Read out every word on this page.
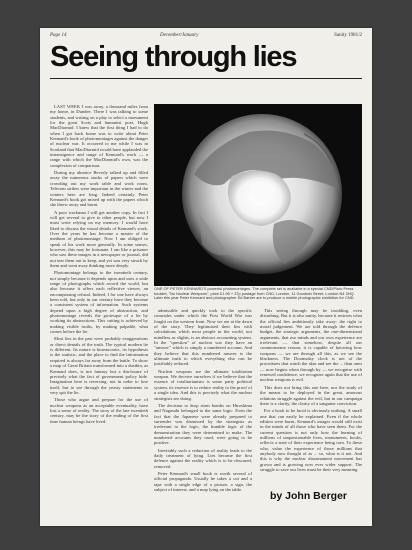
Page 14	December/January	Sanity 1981/2
Seeing through lies

LAST WEEK I was away, a thousand miles from my home, in Dundee. There I was talking to some students, and writing on a play to select a monument for the great Scots and humanist poet, Hugh MacDiarmid. I knew that the first thing I had to do when I got back home was to write about Peter Kennard's book of photomontages against the danger of nuclear war. It occurred to me while I was in Scotland that MacDiarmid would have applauded the intransigence and range of Kennard's work — a range with which the MacDiarmid's own, was the complexion of comparison.

During my absence Beverly talked up and filled away the numerous stacks of papers which were crowding out my work table and work room. Telecom strikes were important in the winter and the winters here are long. Indeed certainly Peter Kennard's book got mixed up with the papers which she threw away and burnt.

A poor workman I will get another copy. In fact I will get several to give to other people, but now I must write relying on my memory. I would have liked to discuss the visual details of Kennard's work. Over the years he has become a master of the medium of photomontage. Now I am obliged to speak of his work more generally. In some senses, however, this may be fortunate. I am like a prisoner who saw these images in a newspaper or journal, did not tear them out to keep, and yet was very struck by them and went away thinking more deeply.

Photomontage belongs to the twentieth century, not simply because it depends upon and uses a wide range of photographs which record the world, but also because it offers each reflective viewer, an encompassing refusal. Indeed, I for one have always been told, but only in our century have they become a consistent system of information. Such systems depend upon a high degree of abstraction, and photomontage reveals the grotesque of a lie by working its abstractions. This cutting is achieved by making visible truths, by making palpable, what comes before the lie.

Most lies in the past were probably exaggerations or direct denials of the truth. The typical modern lie is different. Its nature is bureaucratic, its hypothesis is the statistic, and the place to find the information required is always far away from the battle. To show a map of Great Britain transformed into a dustbin, as Kennard does, is not fantasy but a disclosure of precisely what the fact of government policy hide. Imagination here is reversing, not in order to lose itself, but to see through the yeasty statements to very spit the lie.

Those who argue and prepare for the use of nuclear weapons as an acceptable eventuality, have lost a sense of reality. The story of the late twentieth century, may be the story of the ending of the first time human beings have lived.

ONE OF PETER KENNARD'S powerful photomontages. The complete set is available in a special CND/Pluto Press booklet, "No Nuclear Weapons", price £1.95 + 37p postage from CND, London, 11 Goodwin Street, London N4 3HQ. Later this year Peter Kennard and photographer Ed Barber are to produce a mobile photographic exhibition for CND.

admissible and quickly took to the specific comrades under which the First World War was fought on the western front. Now we are at the dawn of the story. They legitimised their lies with calculations which most people in the world, not mindless as slights, is an abstract accounting system. In the "question" of nuclear war they have an "answer" which is simply a numbered account. And they believe that this numbered answer is the ultimate truth to which everything else can be justifiably reduced.

Nuclear weapons are the ultimate totalitarian weapon. We deceive ourselves if we believe that the essence of totalitarianism is some party political system, its essence is to reduce reality to the proof of a single idea. And this is precisely what the nuclear strategists are doing.

The decision to drop atom bombs on Hiroshima and Nagasaki belonged to the same logic. Even the fact that the Japanese were already prepared to surrender was dismissed by the strategists as irrelevant to the logic, the humble logic of the demonstration they were determined to make. The numbered accounts they used, were going to be positive.

Inevitably such a reduction of reality leads to the daily treatment of lying. Lies become the first defence against the reality which is to be obscured, removed.

Peter Kennard's small book is worth several of official propaganda. Usually he takes a cut and a tape with a single edge of a picture, a sign, the subject of interest, and a map lying on the table.

This seeing through may be troubling, even disturbing. But it is also sanity, because it restores what the official lies ambitiously take away: the right to moral judgement. We are told through the defence budget, the strategic arguments, the one-dimensional arguments, that our minds and our own experience are irrelevant — that somehow, despite all our commonsense reason, it is capable of knowing how weapons — we are through all this, as we see the blackness. The Doomsday clock is not of the procedures that watch the skin and see the ... than ones — now begins when through by — we recognise with renewed confidence, we recognise again that the use of nuclear weapons is evil.

This does not bring this one here, nor the study of the means to be deployed in the great, amorous relations struggle against the evil, but in our campaign there is a clarity, the clarity of a sanguine conviction.

For a book to be lucid is obviously nothing. A small one that can easily be explained. Even if the whole edition were burnt, Kennard's images would still exist in the minds of all those who have seen them. For the current question is not only how the burning of millions of unquestionable lives, monuments, books, reflects a state of their experience being torn. To these who, value the experience of those millions that anybody now thought of as ... so, what is it not. And this is why the nuclear disarmament movement has grown and is growing now ever wider support. The struggle to save our lives must be their very meaning.

by John Berger
